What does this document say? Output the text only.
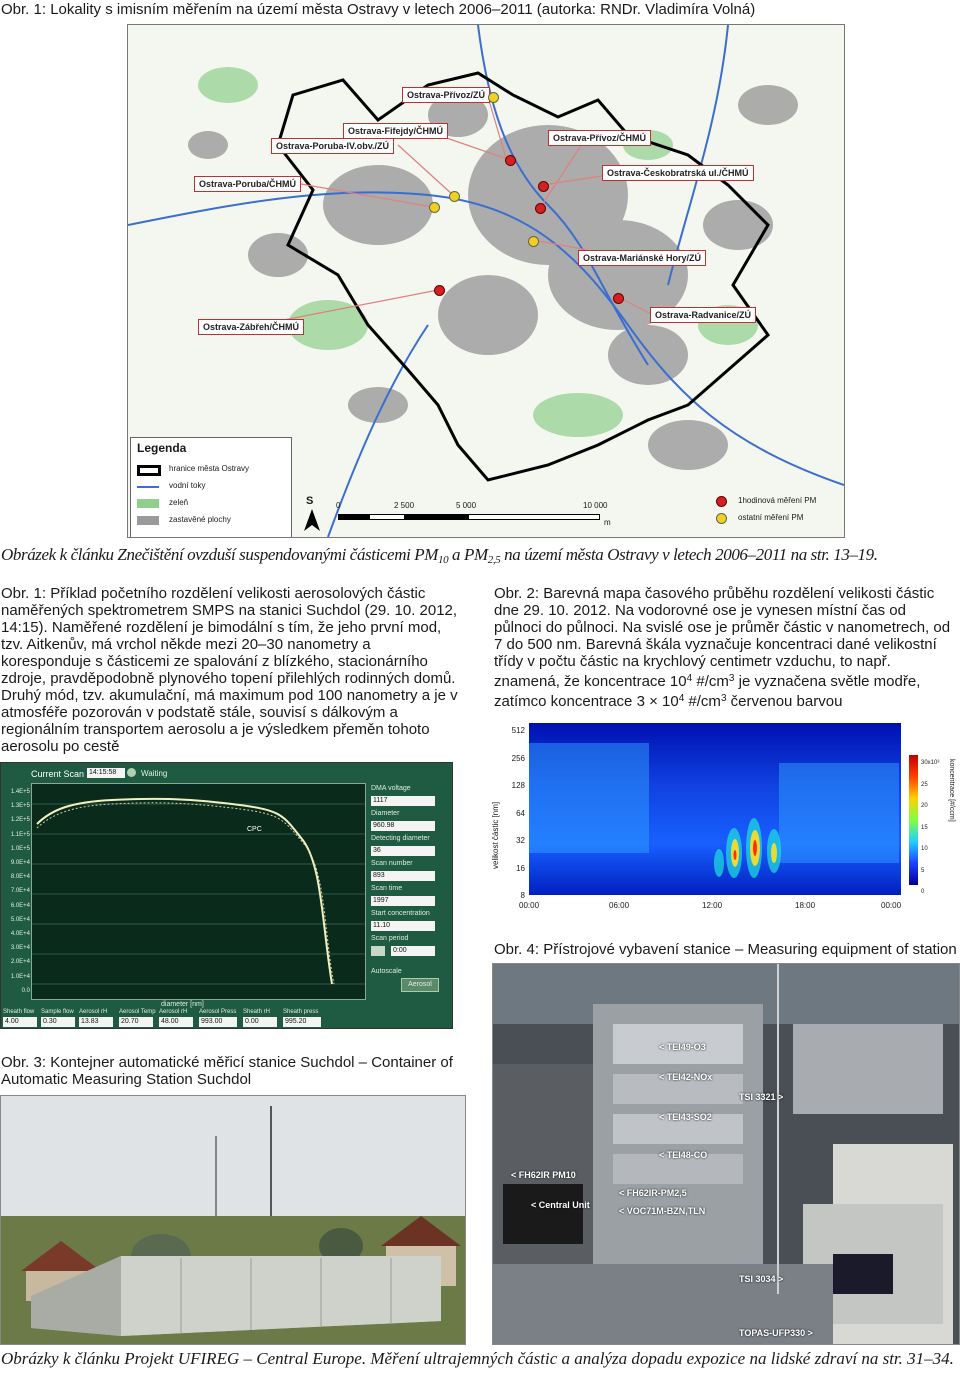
Obr. 1: Lokality s imisním měřením na území města Ostravy v letech 2006–2011 (autorka: RNDr. Vladimíra Volná)
Ostrava-Přívoz/ZÚ
Ostrava-Fifejdy/ČHMÚ
Ostrava-Poruba-IV.obv./ZÚ
Ostrava-Přívoz/ČHMÚ
Ostrava-Poruba/ČHMÚ
Ostrava-Českobratrská ul./ČHMÚ
Ostrava-Mariánské Hory/ZÚ
Ostrava-Zábřeh/ČHMÚ
Ostrava-Radvanice/ZÚ
Legenda
hranice města Ostravy
vodní toky
zeleň
zastavěné plochy
S	0	2 500	5 000	10 000
m
1hodinová měření PM
ostatní měření PM
Obrázek k článku Znečištění ovzduší suspendovanými částicemi $PM_{10}$ a $PM_{2,5}$ na území města Ostravy v letech 2006–2011 na str. 13–19.
Obr. 1: Příklad početního rozdělení velikosti aerosolových částic naměřených spektrometrem SMPS na stanici Suchdol (29. 10. 2012, 14:15). Naměřené rozdělení je bimodální s tím, že jeho první mod, tzv. Aitkenův, má vrchol někde mezi 20–30 nanometry a koresponduje s částicemi ze spalování z blízkého, stacionárního zdroje, pravděpodobně plynového topení přilehlých rodinných domů. Druhý mód, tzv. akumulační, má maximum pod 100 nanometry a je v atmosféře pozorován v podstatě stále, souvisí s dálkovým a regionálním transportem aerosolu a je výsledkem přeměn tohoto aerosolu po cestě
Obr. 2: Barevná mapa časového průběhu rozdělení velikosti částic dne 29. 10. 2012. Na vodorovné ose je vynesen místní čas od půlnoci do půlnoci. Na svislé ose je průměr částic v nanometrech, od 7 do 500 nm. Barevná škála vyznačuje koncentraci dané velikostní třídy v počtu částic na krychlový centimetr vzduchu, to např. znamená, že koncentrace $10^4$ $\#/cm^3$ je vyznačena světle modře, zatímco koncentrace $3 \times 10^4$ $\#/cm^3$ červenou barvou
Current Scan 14:15:58	Waiting
CPC
diameter [nm]
1.4E+5
1.3E+5
1.2E+5
1.1E+5
1.0E+5
9.0E+4
8.0E+4
7.0E+4
6.0E+4
5.0E+4
4.0E+4
3.0E+4
2.0E+4
1.0E+4
0.0
DMA voltage
1117
Diameter
960.98
Detecting diameter
36
Scan number
893
Scan time
1997
Start concentration
11.10
Scan period
0:00
Autoscale
Aerosol
Sheath flow Sample flow Aerosol rH Aerosol Temp Aerosol rH Aerosol Press Sheath rH Sheath press
4.00	0.30	13.83	20.70	48.00	993.00	0.00	995.20
velikost částic [nm]
512
256
128
64
32
16
8
00:00	06:00	12:00	18:00	00:00
30x10³
25
20
15
10
5
0
koncentrace [#/ccm]
Obr. 4: Přístrojové vybavení stanice – Measuring equipment of station
Obr. 3: Kontejner automatické měřicí stanice Suchdol – Container of Automatic Measuring Station Suchdol
< TEI49-O3
< TEI42-NOx
TSI 3321 >
< TEI43-SO2
< TEI48-CO
< FH62IR PM10
< FH62IR-PM2,5
< Central Unit
< VOC71M-BZN,TLN
TSI 3034 >
TOPAS-UFP330 >
Obrázky k článku Projekt UFIREG – Central Europe. Měření ultrajemných částic a analýza dopadu expozice na lidské zdraví na str. 31–34.
